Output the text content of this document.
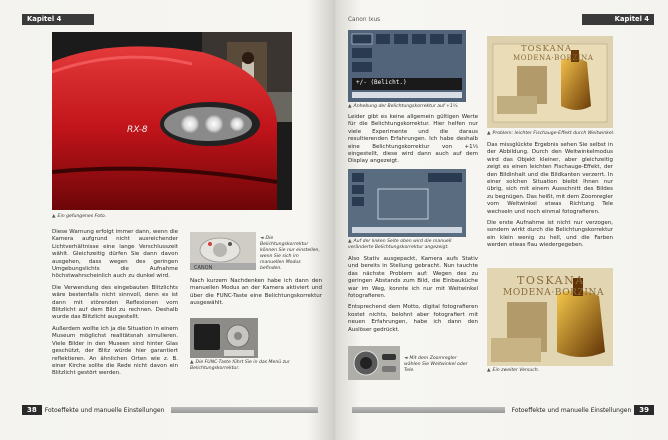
Kapitel 4
RX-8
▲ Ein gefungenes Foto.

Diese Warnung erfolgt immer dann, wenn die Kamera aufgrund nicht ausreichender Lichtverhältnisse eine lange Verschlusszeit wählt. Gleichzeitig dürfen Sie dann davon ausgehen, dass wegen des geringen Umgebungslichts die Aufnahme höchstwahrscheinlich auch zu dunkel wird.

Die Verwendung des eingebauten Blitzlichts wäre bestenfalls nicht sinnvoll, denn es ist dann mit störenden Reflexionen vom Blitzlicht auf dem Bild zu rechnen. Deshalb wurde das Blitzlicht ausgestellt.

Außerdem wollte ich ja die Situation in einem Museum möglichst realitätsnah simulieren. Viele Bilder in den Museen sind hinter Glas geschützt, der Blitz würde hier garantiert reflektieren. An ähnlichen Orten wie z. B. einer Kirche sollte die Rede nicht davon ein Blitzlicht gestört werden.

CANON
◄ Die Belichtungskorrektur können Sie nur einstellen, wenn Sie sich im manuellen Modus befinden.

Nach kurzem Nachdenken habe ich dann den manuellen Modus an der Kamera aktiviert und über die FUNC-Taste eine Belichtungskorrektur ausgewählt.

▲ Die FUNC-Taste führt Sie in das Menü zur Belichtungskorrektur.
38	Fotoeffekte und manuelle Einstellungen
Canon Ixus	Kapitel 4
+/- (Belicht.)
▲ Anhebung der Belichtungskorrektur auf +1⅓.

Leider gibt es keine allgemein gültigen Werte für die Belichtungskorrektur. Hier helfen nur viele Experimente und die daraus resultierenden Erfahrungen. Ich habe deshalb eine Belichtungskorrektur von +1⅓ eingestellt, diese wird dann auch auf dem Display angezeigt.

▲ Auf der linken Seite oben wird die manuell veränderte Belichtungskorrektur angezeigt.

Also Stativ ausgepackt, Kamera aufs Stativ und bereits in Stellung gebracht. Nun tauchte das nächste Problem auf: Wegen des zu geringen Abstands zum Bild, die Einbauküche war im Weg, konnte ich nur mit Weitwinkel fotografieren.

Entsprechend dem Motto, digital fotografieren kostet nichts, belohnt aber fotografiert mit neuen Erfahrungen, habe ich dann den Auslöser gedrückt.

◄ Mit dem Zoomregler wählen Sie Weitwinkel oder Tele.
TOSKANA
MODENA·BORZINA
▲ Problem: leichter Fischauge-Effekt durch Weitwinkel.

Das missglückte Ergebnis sehen Sie selbst in der Abbildung. Durch den Weitwinkelmodus wird das Objekt kleiner, aber gleichzeitig zeigt es einen leichten Fischauge-Effekt, der den Bildinhalt und die Bildkanten verzerrt. In einer solchen Situation bleibt Ihnen nur übrig, sich mit einem Ausschnitt des Bildes zu begnügen. Das heißt, mit dem Zoomregler vom Weitwinkel etwas Richtung Tele wechseln und noch einmal fotografieren.

Die erste Aufnahme ist nicht nur verzogen, sondern wirkt durch die Belichtungskorrektur ein klein wenig zu hell, und die Farben werden etwas flau wiedergegeben.

TOSKANA
MODENA·BORZINA
▲ Ein zweiter Versuch.
Fotoeffekte und manuelle Einstellungen	39
